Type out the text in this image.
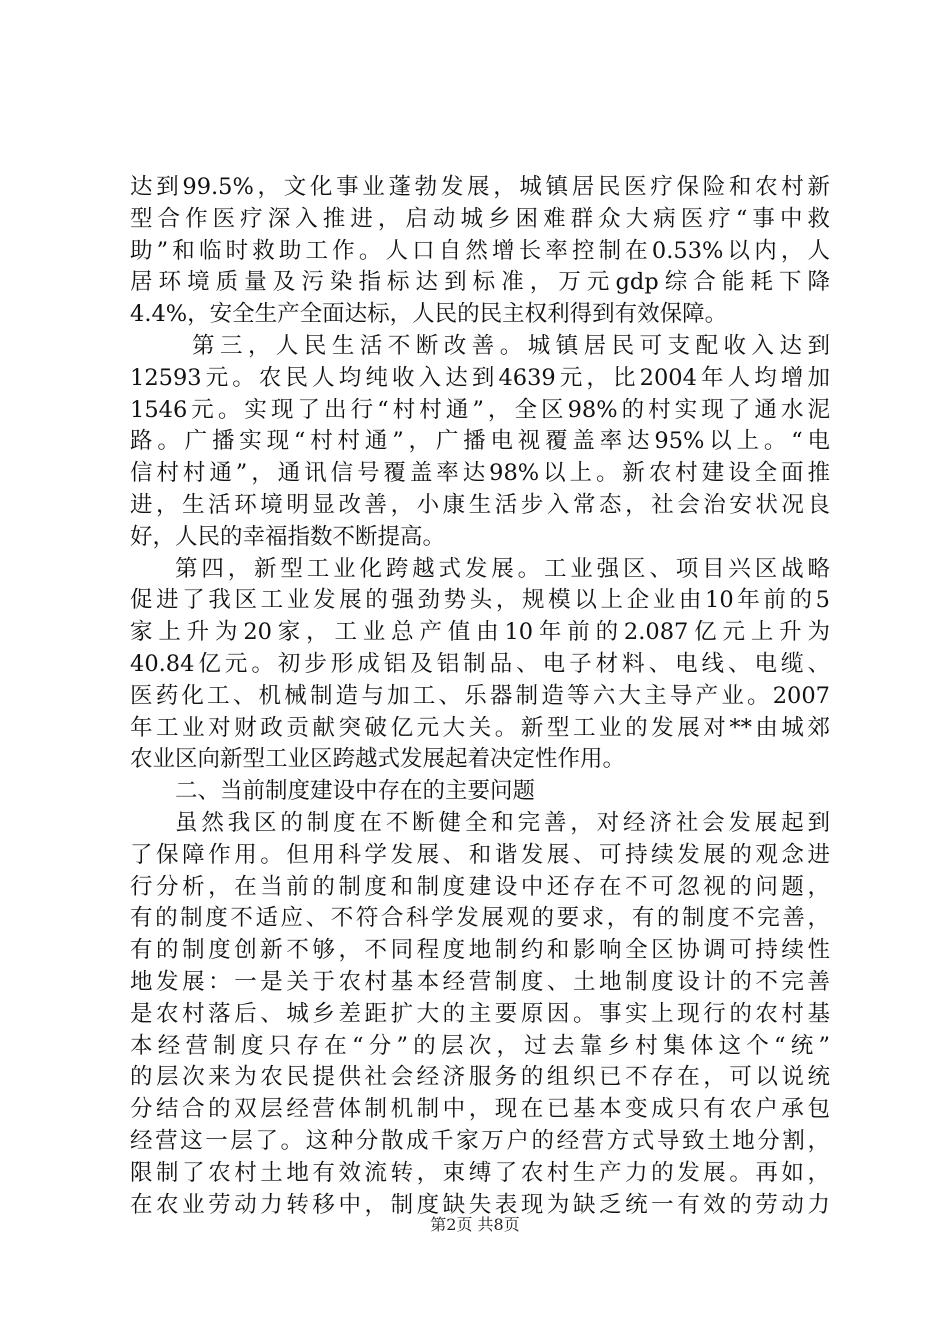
达到99.5%，文化事业蓬勃发展，城镇居民医疗保险和农村新
型合作医疗深入推进，启动城乡困难群众大病医疗“事中救
助”和临时救助工作。人口自然增长率控制在0.53%以内，人
居环境质量及污染指标达到标准，万元gdp综合能耗下降
4.4%，安全生产全面达标，人民的民主权利得到有效保障。
第三，人民生活不断改善。城镇居民可支配收入达到
12593元。农民人均纯收入达到4639元，比2004年人均增加
1546元。实现了出行“村村通”，全区98%的村实现了通水泥
路。广播实现“村村通”，广播电视覆盖率达95%以上。“电
信村村通”，通讯信号覆盖率达98%以上。新农村建设全面推
进，生活环境明显改善，小康生活步入常态，社会治安状况良
好，人民的幸福指数不断提高。
第四，新型工业化跨越式发展。工业强区、项目兴区战略
促进了我区工业发展的强劲势头，规模以上企业由10年前的5
家上升为20家，工业总产值由10年前的2.087亿元上升为
40.84亿元。初步形成铝及铝制品、电子材料、电线、电缆、
医药化工、机械制造与加工、乐器制造等六大主导产业。2007
年工业对财政贡献突破亿元大关。新型工业的发展对**由城郊
农业区向新型工业区跨越式发展起着决定性作用。
二、当前制度建设中存在的主要问题
虽然我区的制度在不断健全和完善，对经济社会发展起到
了保障作用。但用科学发展、和谐发展、可持续发展的观念进
行分析，在当前的制度和制度建设中还存在不可忽视的问题，
有的制度不适应、不符合科学发展观的要求，有的制度不完善，
有的制度创新不够，不同程度地制约和影响全区协调可持续性
地发展：一是关于农村基本经营制度、土地制度设计的不完善
是农村落后、城乡差距扩大的主要原因。事实上现行的农村基
本经营制度只存在“分”的层次，过去靠乡村集体这个“统”
的层次来为农民提供社会经济服务的组织已不存在，可以说统
分结合的双层经营体制机制中，现在已基本变成只有农户承包
经营这一层了。这种分散成千家万户的经营方式导致土地分割，
限制了农村土地有效流转，束缚了农村生产力的发展。再如，
在农业劳动力转移中，制度缺失表现为缺乏统一有效的劳动力
第2页 共8页
